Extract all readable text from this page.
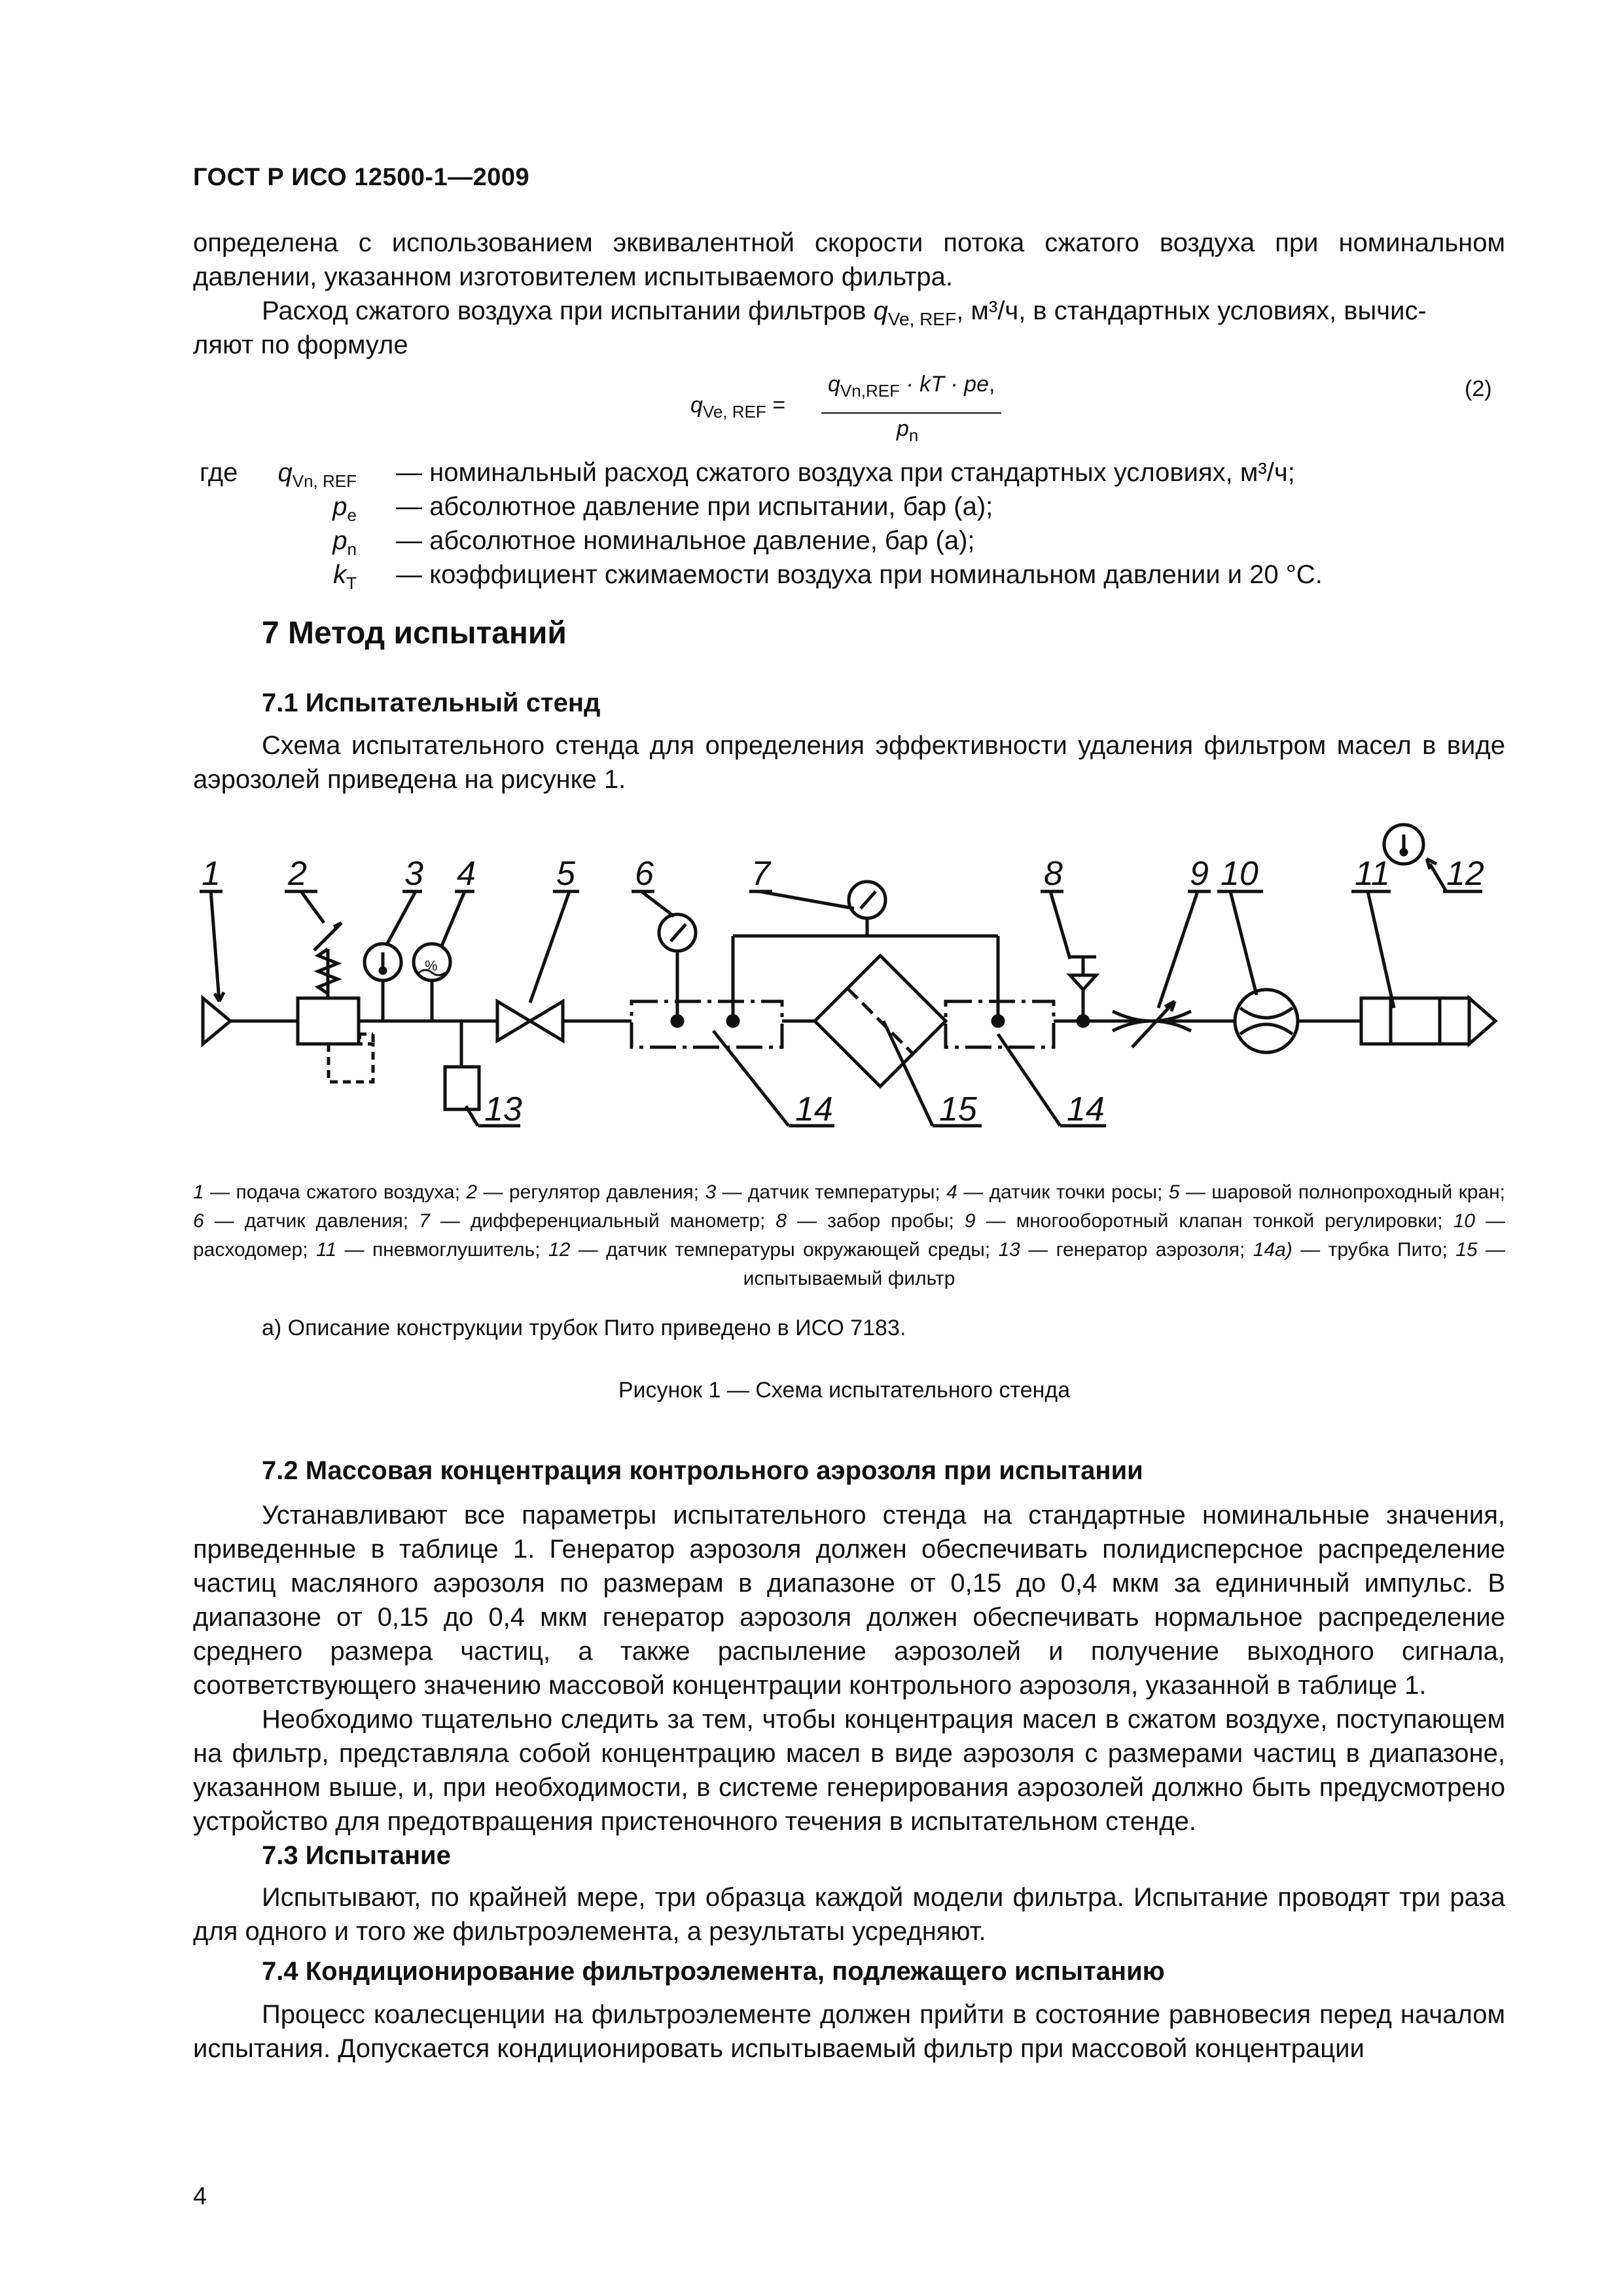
ГОСТ Р ИСО 12500-1—2009

определена с использованием эквивалентной скорости потока сжатого воздуха при номинальном давлении, указанном изготовителем испытываемого фильтра.

Расход сжатого воздуха при испытании фильтров $q_{Ve, REF}$, м³/ч, в стандартных условиях, вычис-
ляют по формуле
$q_{Ve, REF}$ =
$q_{Vn,REF}$ · kT · pe,
$p_n$
(2)
где	$q_{Vn, REF}$ — номинальный расход сжатого воздуха при стандартных условиях, м³/ч;
$p_e$ — абсолютное давление при испытании, бар (а);
$p_n$ — абсолютное номинальное давление, бар (а);
$k_T$ — коэффициент сжимаемости воздуха при номинальном давлении и 20 °С.
7 Метод испытаний
7.1 Испытательный стенд

Схема испытательного стенда для определения эффективности удаления фильтром масел в виде аэрозолей приведена на рисунке 1.

1 2	3 4 5 6	7	8	9 10	11 12
13	14	15	14
%

1 — подача сжатого воздуха; 2 — регулятор давления; 3 — датчик температуры; 4 — датчик точки росы; 5 — шаровой полнопроходный кран; 6 — датчик давления; 7 — дифференциальный манометр; 8 — забор пробы; 9 — многооборотный клапан тонкой регулировки; 10 — расходомер; 11 — пневмоглушитель; 12 — датчик температуры окружающей среды; 13 — генератор аэрозоля; 14а) — трубка Пито; 15 — испытываемый фильтр

а) Описание конструкции трубок Пито приведено в ИСО 7183.
Рисунок 1 — Схема испытательного стенда
7.2 Массовая концентрация контрольного аэрозоля при испытании

Устанавливают все параметры испытательного стенда на стандартные номинальные значения, приведенные в таблице 1. Генератор аэрозоля должен обеспечивать полидисперсное распределение частиц масляного аэрозоля по размерам в диапазоне от 0,15 до 0,4 мкм за единичный импульс. В диапазоне от 0,15 до 0,4 мкм генератор аэрозоля должен обеспечивать нормальное распределение среднего размера частиц, а также распыление аэрозолей и получение выходного сигнала, соответствующего значению массовой концентрации контрольного аэрозоля, указанной в таблице 1.

Необходимо тщательно следить за тем, чтобы концентрация масел в сжатом воздухе, поступающем на фильтр, представляла собой концентрацию масел в виде аэрозоля с размерами частиц в диапазоне, указанном выше, и, при необходимости, в системе генерирования аэрозолей должно быть предусмотрено устройство для предотвращения пристеночного течения в испытательном стенде.

7.3 Испытание

Испытывают, по крайней мере, три образца каждой модели фильтра. Испытание проводят три раза для одного и того же фильтроэлемента, а результаты усредняют.

7.4 Кондиционирование фильтроэлемента, подлежащего испытанию

Процесс коалесценции на фильтроэлементе должен прийти в состояние равновесия перед началом испытания. Допускается кондиционировать испытываемый фильтр при массовой концентрации

4
